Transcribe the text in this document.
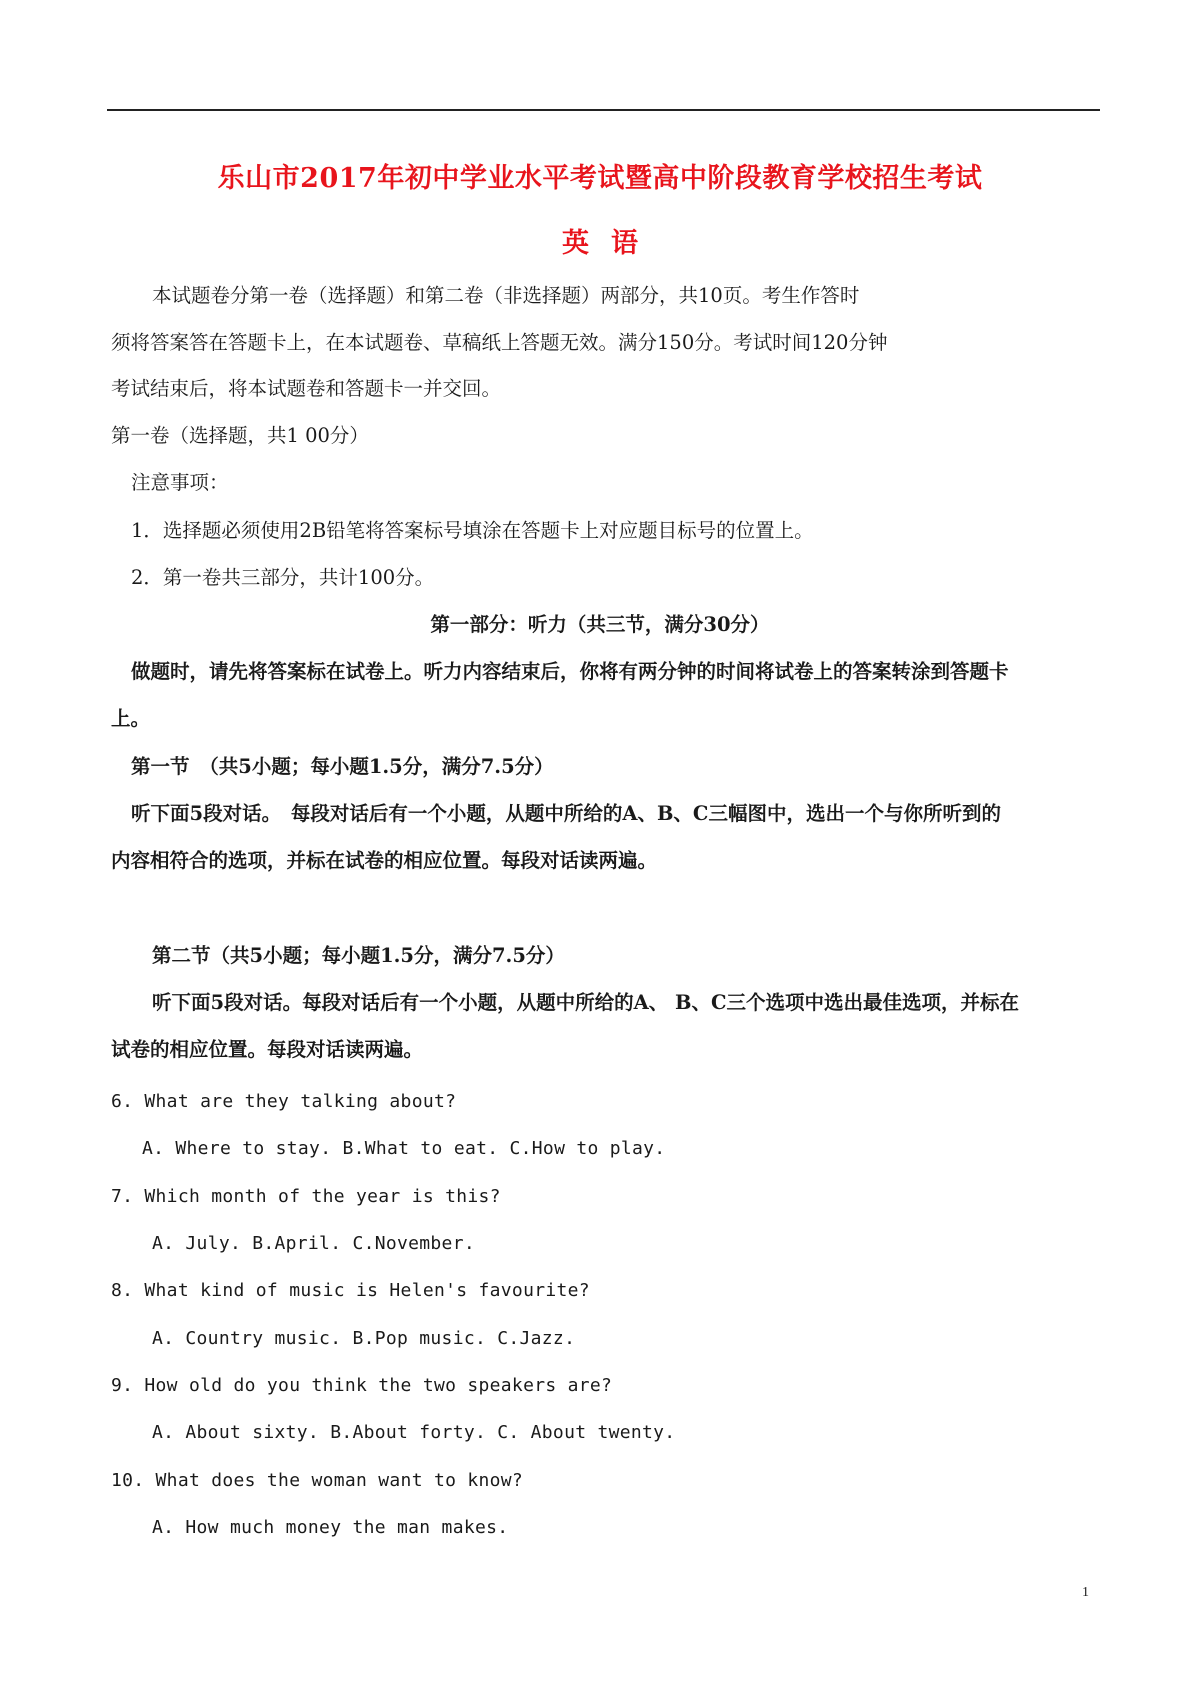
乐山市2017年初中学业水平考试暨高中阶段教育学校招生考试
英语
本试题卷分第一卷（选择题）和第二卷（非选择题）两部分，共10页。考生作答时
须将答案答在答题卡上，在本试题卷、草稿纸上答题无效。满分150分。考试时间120分钟
考试结束后，将本试题卷和答题卡一并交回。
第一卷（选择题，共1 00分）
注意事项：
1．选择题必须使用2B铅笔将答案标号填涂在答题卡上对应题目标号的位置上。
2．第一卷共三部分，共计100分。
第一部分：听力（共三节，满分30分）
做题时，请先将答案标在试卷上。听力内容结束后，你将有两分钟的时间将试卷上的答案转涂到答题卡
上。
第一节　（共5小题；每小题1.5分，满分7.5分）
听下面5段对话。　每段对话后有一个小题，从题中所给的A、B、C三幅图中，选出一个与你所听到的
内容相符合的选项，并标在试卷的相应位置。每段对话读两遍。
第二节（共5小题；每小题1.5分，满分7.5分）
听下面5段对话。每段对话后有一个小题，从题中所给的A、 B、C三个选项中选出最佳选项，并标在
试卷的相应位置。每段对话读两遍。
6. What are they talking about?
A. Where to stay. B.What to eat. C.How to play.
7. Which month of the year is this?
A. July. B.April. C.November.
8. What kind of music is Helen's favourite?
A. Country music. B.Pop music. C.Jazz.
9. How old do you think the two speakers are?
A. About sixty. B.About forty. C. About twenty.
10. What does the woman want to know?
A. How much money the man makes.
1
